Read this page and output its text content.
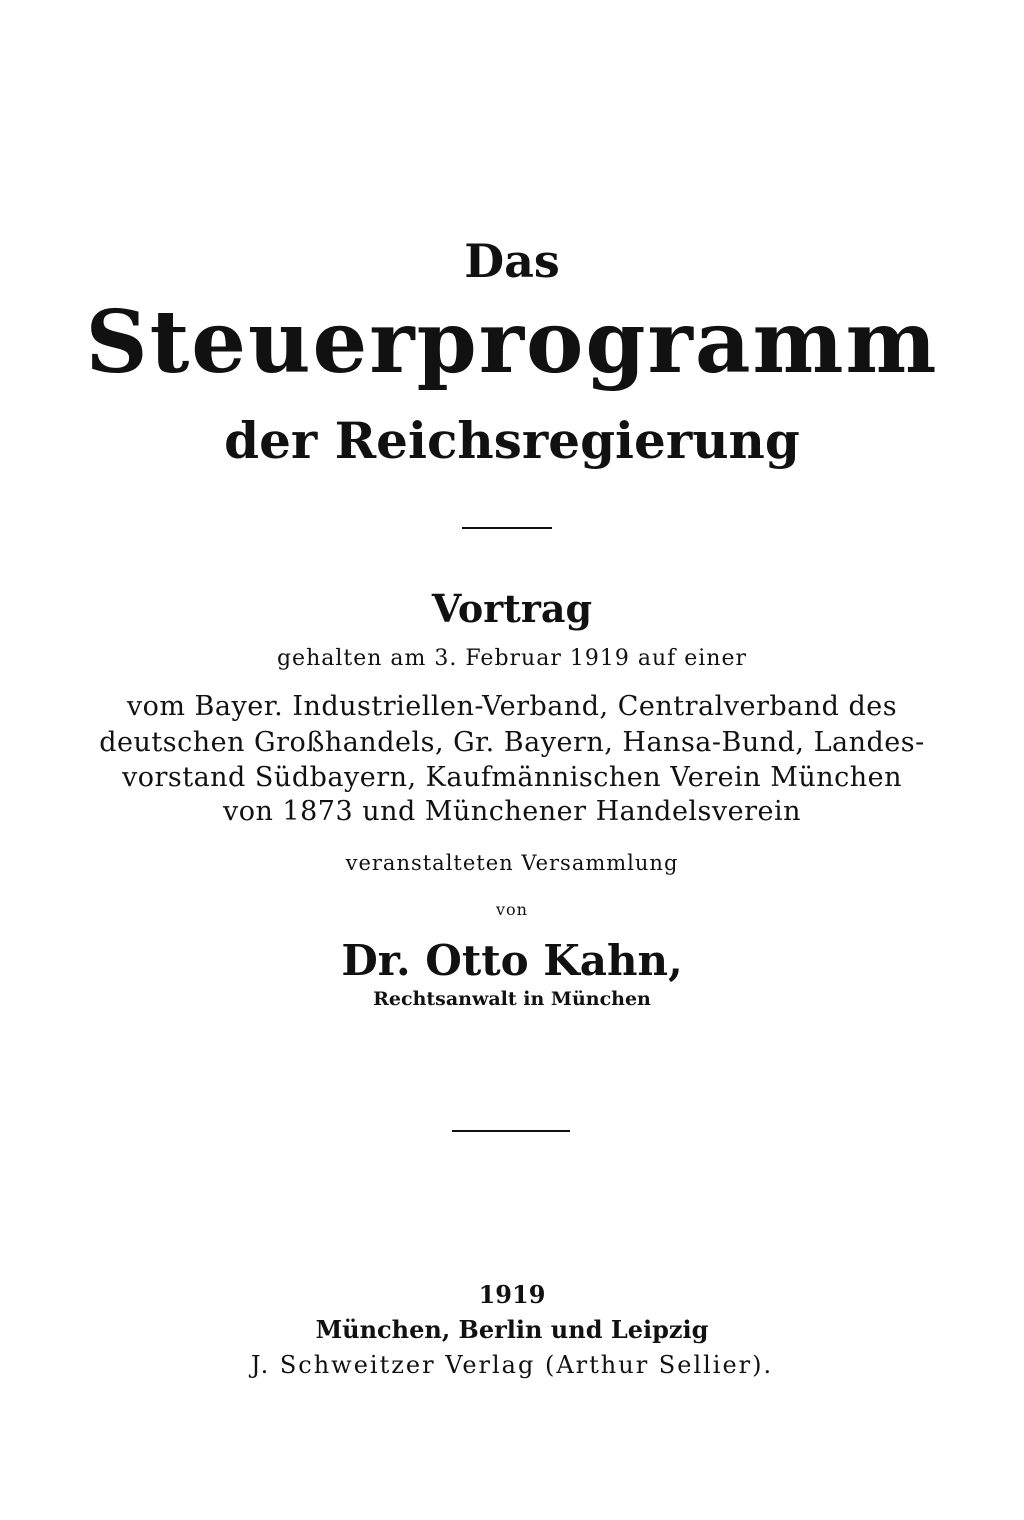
Das
Steuerprogramm
der Reichsregierung
Vortrag
gehalten am 3. Februar 1919 auf einer
vom Bayer. Industriellen-Verband, Centralverband des
deutschen Großhandels, Gr. Bayern, Hansa-Bund, Landes-
vorstand Südbayern, Kaufmännischen Verein München
von 1873 und Münchener Handelsverein
veranstalteten Versammlung
von
Dr. Otto Kahn,
Rechtsanwalt in München
1919
München, Berlin und Leipzig
J. Schweitzer Verlag (Arthur Sellier).
